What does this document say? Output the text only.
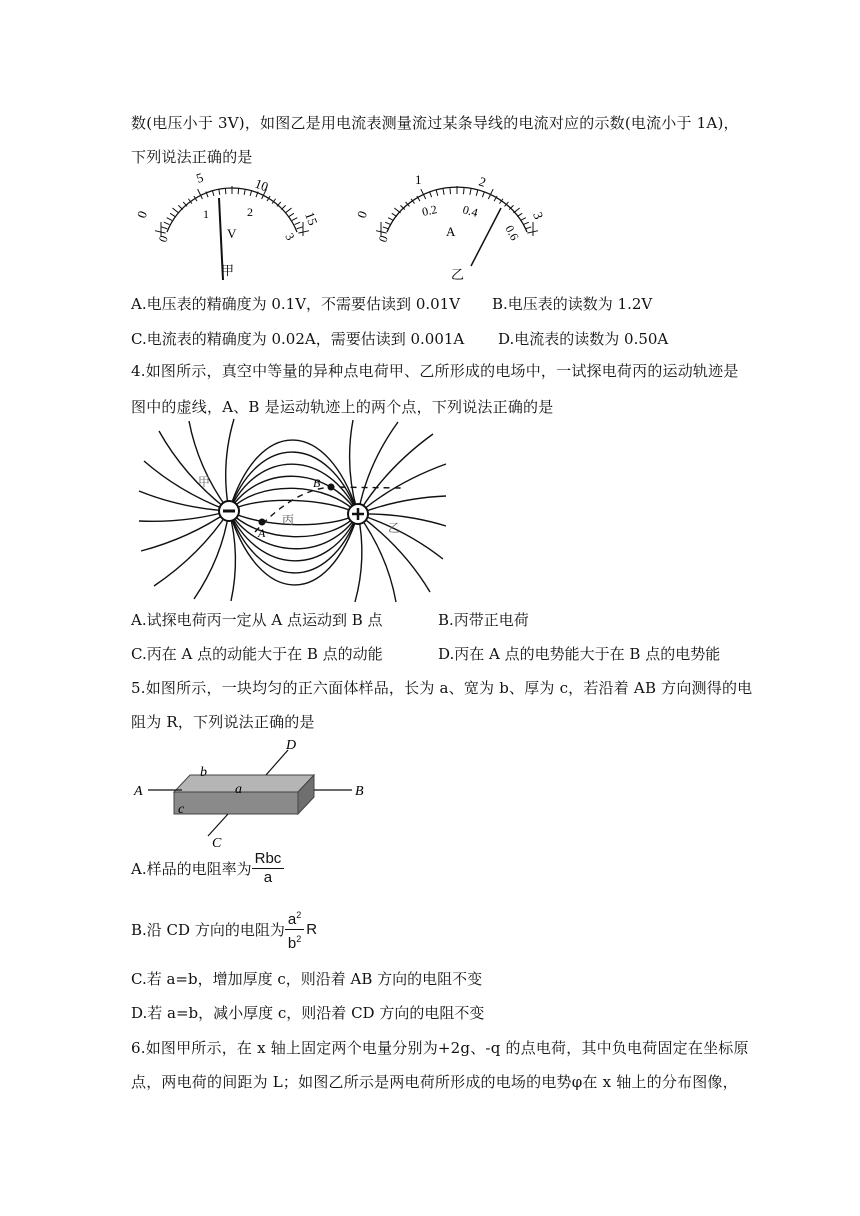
数(电压小于 3V)，如图乙是用电流表测量流过某条导线的电流对应的示数(电流小于 1A)，
下列说法正确的是
0
5	10
15
0
1	2
3
V
甲
0
1	2
3
0
0.2 0.4
0.6
A
乙
A.电压表的精确度为 0.1V，不需要估读到 0.01V B.电压表的读数为 1.2V
C.电流表的精确度为 0.02A，需要估读到 0.001A D.电流表的读数为 0.50A
4.如图所示，真空中等量的异种点电荷甲、乙所形成的电场中，一试探电荷丙的运动轨迹是
图中的虚线，A、B 是运动轨迹上的两个点，下列说法正确的是
甲
乙
丙
A
B
A.试探电荷丙一定从 A 点运动到 B 点	B.丙带正电荷
C.丙在 A 点的动能大于在 B 点的动能	D.丙在 A 点的电势能大于在 B 点的电势能
5.如图所示，一块均匀的正六面体样品，长为 a、宽为 b、厚为 c，若沿着 AB 方向测得的电
阻为 R，下列说法正确的是
A	B
C
D
a
b
c
A.样品的电阻率为 $\frac{\text{Rbc}}{a}$
B.沿 CD 方向的电阻为 $\frac{a^2}{b^2}$ R
C.若 a=b，增加厚度 c，则沿着 AB 方向的电阻不变
D.若 a=b，减小厚度 c，则沿着 CD 方向的电阻不变
6.如图甲所示，在 x 轴上固定两个电量分别为+2g、-q 的点电荷，其中负电荷固定在坐标原
点，两电荷的间距为 L；如图乙所示是两电荷所形成的电场的电势φ在 x 轴上的分布图像，
